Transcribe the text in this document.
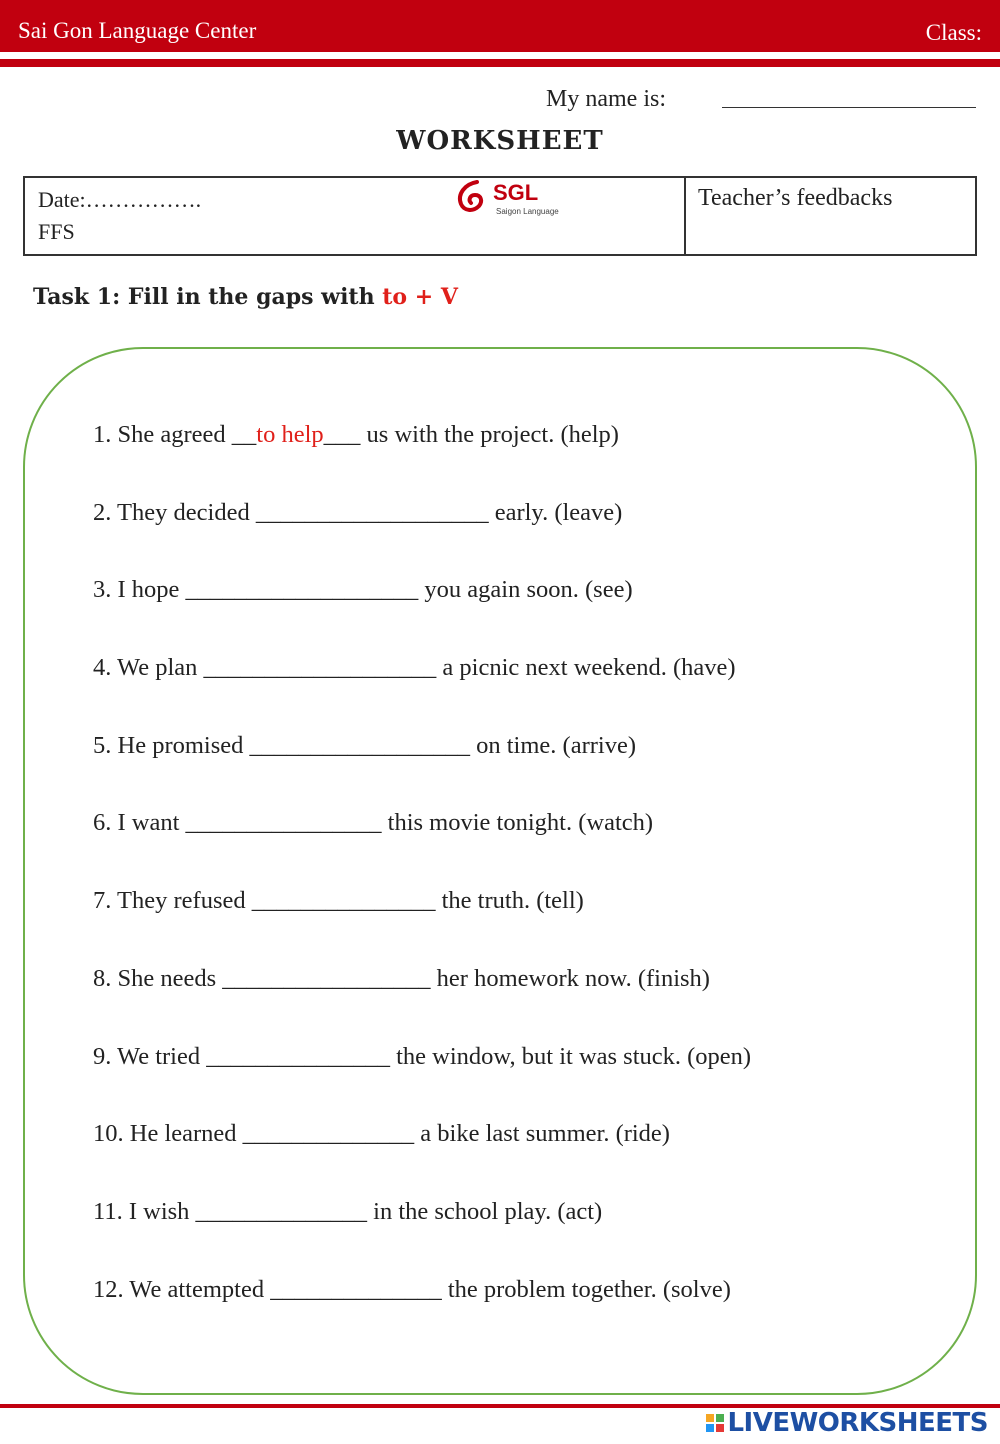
Sai Gon Language Center	Class:
My name is:
WORKSHEET
Date:…………….
FFS
SGL
Saigon Language
Teacher’s feedbacks
Task 1: Fill in the gaps with to + V
1. She agreed __to help___ us with the project. (help)
2. They decided ___________________ early. (leave)
3. I hope ___________________ you again soon. (see)
4. We plan ___________________ a picnic next weekend. (have)
5. He promised __________________ on time. (arrive)
6. I want ________________ this movie tonight. (watch)
7. They refused _______________ the truth. (tell)
8. She needs _________________ her homework now. (finish)
9. We tried _______________ the window, but it was stuck. (open)
10. He learned ______________ a bike last summer. (ride)
11. I wish ______________ in the school play. (act)
12. We attempted ______________ the problem together. (solve)
LIVEWORKSHEETS
